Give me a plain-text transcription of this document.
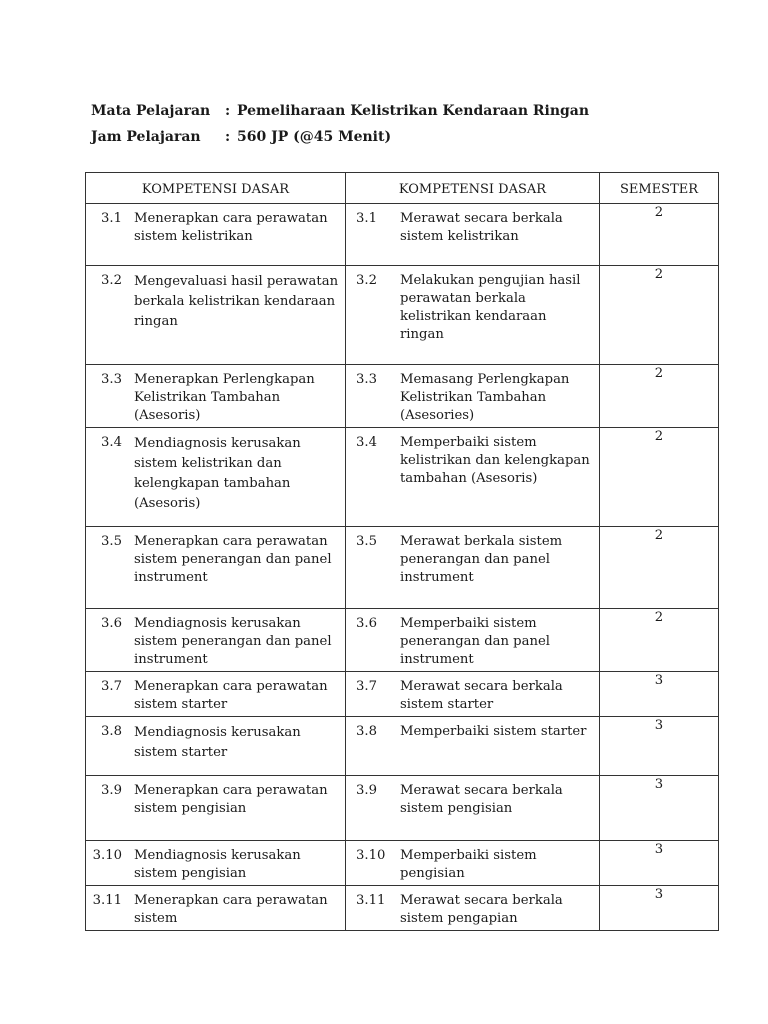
Mata Pelajaran	: Pemeliharaan Kelistrikan Kendaraan Ringan
Jam Pelajaran	: 560 JP (@45 Menit)
KOMPETENSI DASAR	KOMPETENSI DASAR	SEMESTER

3.1 Menerapkan cara perawatan sistem kelistrikan	3.1 Merawat secara berkala sistem kelistrikan	2

3.2 Mengevaluasi hasil perawatan berkala kelistrikan kendaraan ringan	3.2 Melakukan pengujian hasil perawatan berkala kelistrikan kendaraan ringan	2

3.3 Menerapkan Perlengkapan Kelistrikan Tambahan (Asesoris)	3.3 Memasang Perlengkapan Kelistrikan Tambahan (Asesories)	2

3.4 Mendiagnosis kerusakan sistem kelistrikan dan kelengkapan tambahan (Asesoris)	3.4 Memperbaiki sistem kelistrikan dan kelengkapan tambahan (Asesoris)	2

3.5 Menerapkan cara perawatan sistem penerangan dan panel instrument	3.5 Merawat berkala sistem penerangan dan panel instrument	2

3.6 Mendiagnosis kerusakan sistem penerangan dan panel instrument	3.6 Memperbaiki sistem penerangan dan panel instrument	2

3.7 Menerapkan cara perawatan sistem starter	3.7 Merawat secara berkala sistem starter	3

3.8 Mendiagnosis kerusakan sistem starter	3.8 Memperbaiki sistem starter	3

3.9 Menerapkan cara perawatan sistem pengisian	3.9 Merawat secara berkala sistem pengisian	3

3.10 Mendiagnosis kerusakan sistem pengisian	3.10 Memperbaiki sistem pengisian	3

3.11 Menerapkan cara perawatan sistem	3.11 Merawat secara berkala sistem pengapian	3
